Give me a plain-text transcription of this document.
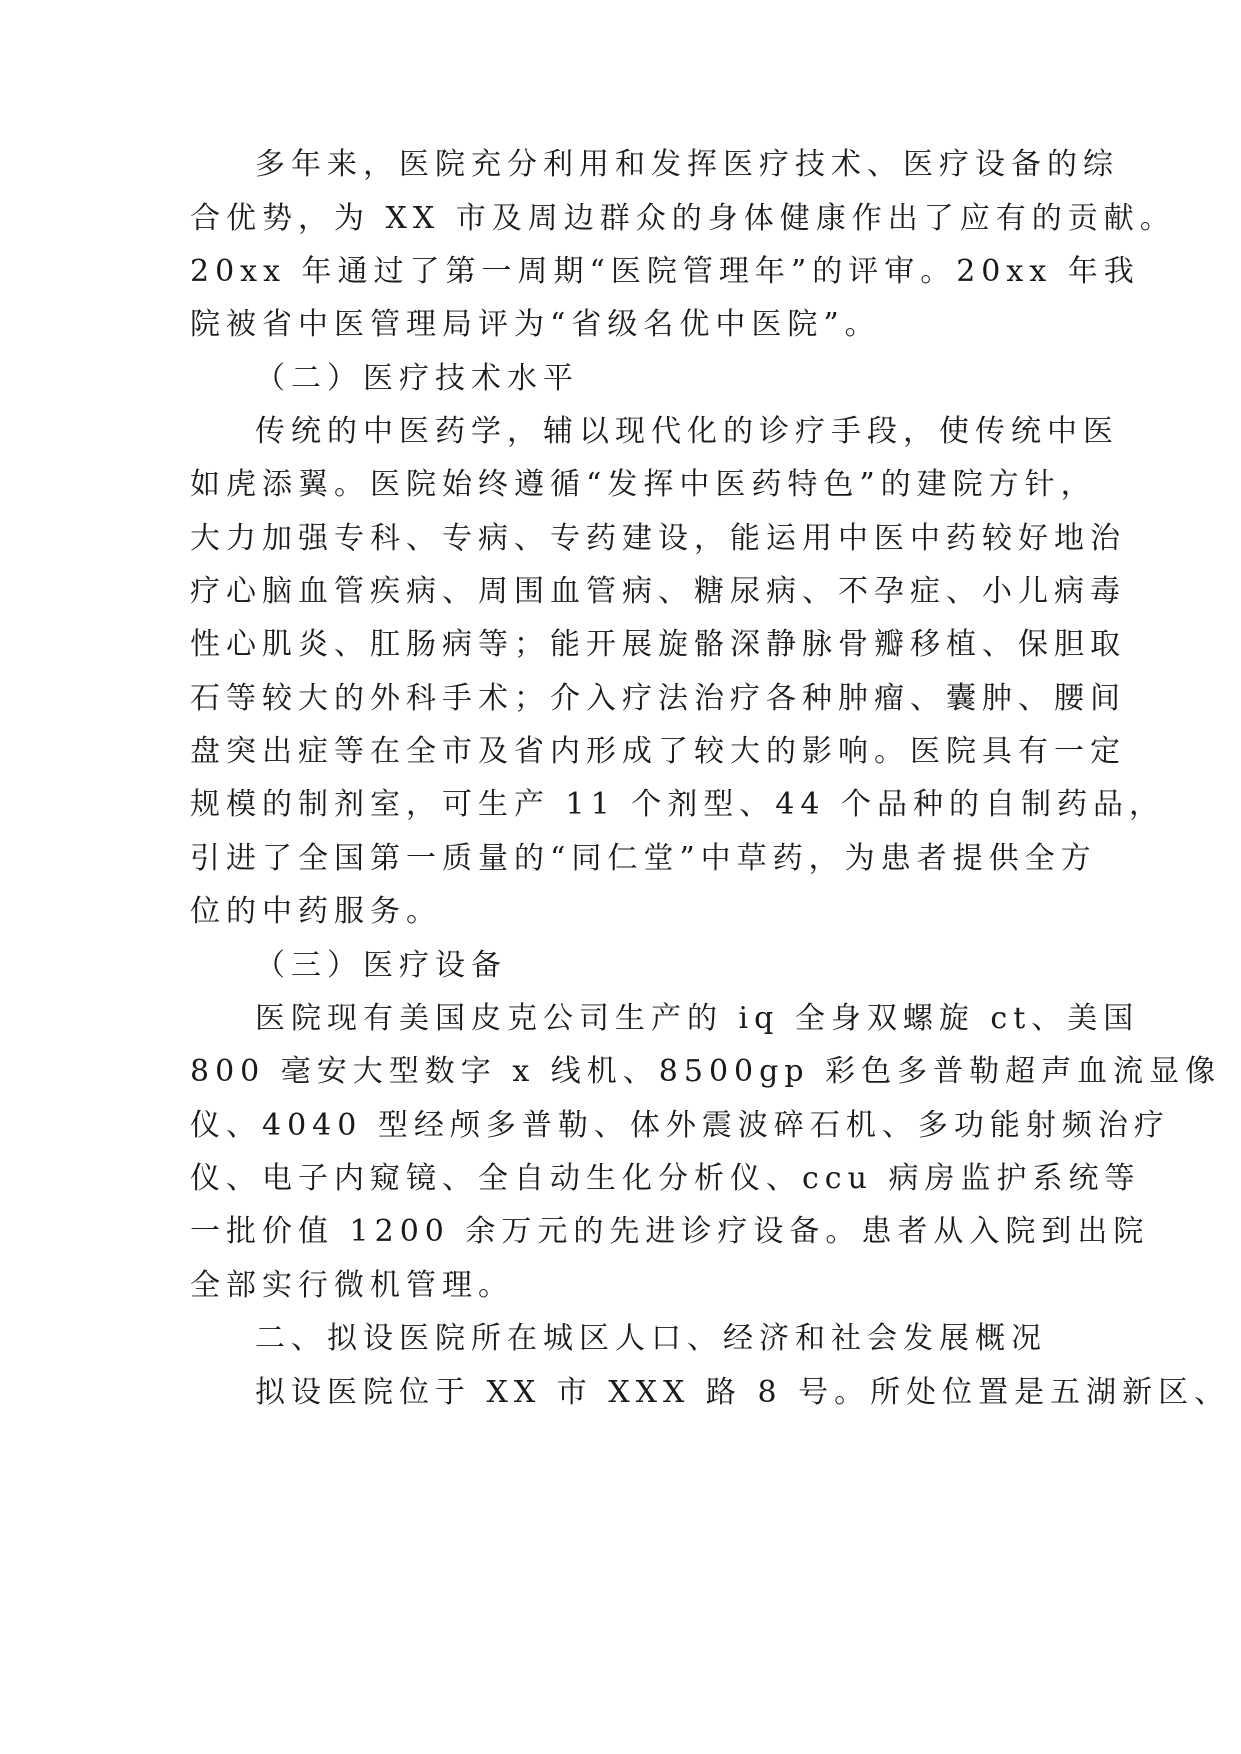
多年来，医院充分利用和发挥医疗技术、医疗设备的综
合优势，为 XX 市及周边群众的身体健康作出了应有的贡献。
20xx 年通过了第一周期“医院管理年”的评审。20xx 年我
院被省中医管理局评为“省级名优中医院”。
（二）医疗技术水平
传统的中医药学，辅以现代化的诊疗手段，使传统中医
如虎添翼。医院始终遵循“发挥中医药特色”的建院方针，
大力加强专科、专病、专药建设，能运用中医中药较好地治
疗心脑血管疾病、周围血管病、糖尿病、不孕症、小儿病毒
性心肌炎、肛肠病等；能开展旋骼深静脉骨瓣移植、保胆取
石等较大的外科手术；介入疗法治疗各种肿瘤、囊肿、腰间
盘突出症等在全市及省内形成了较大的影响。医院具有一定
规模的制剂室，可生产 11 个剂型、44 个品种的自制药品，
引进了全国第一质量的“同仁堂”中草药，为患者提供全方
位的中药服务。
（三）医疗设备
医院现有美国皮克公司生产的 iq 全身双螺旋 ct、美国
800 毫安大型数字 x 线机、8500gp 彩色多普勒超声血流显像
仪、4040 型经颅多普勒、体外震波碎石机、多功能射频治疗
仪、电子内窥镜、全自动生化分析仪、ccu 病房监护系统等
一批价值 1200 余万元的先进诊疗设备。患者从入院到出院
全部实行微机管理。
二、拟设医院所在城区人口、经济和社会发展概况
拟设医院位于 XX 市 XXX 路 8 号。所处位置是五湖新区、
